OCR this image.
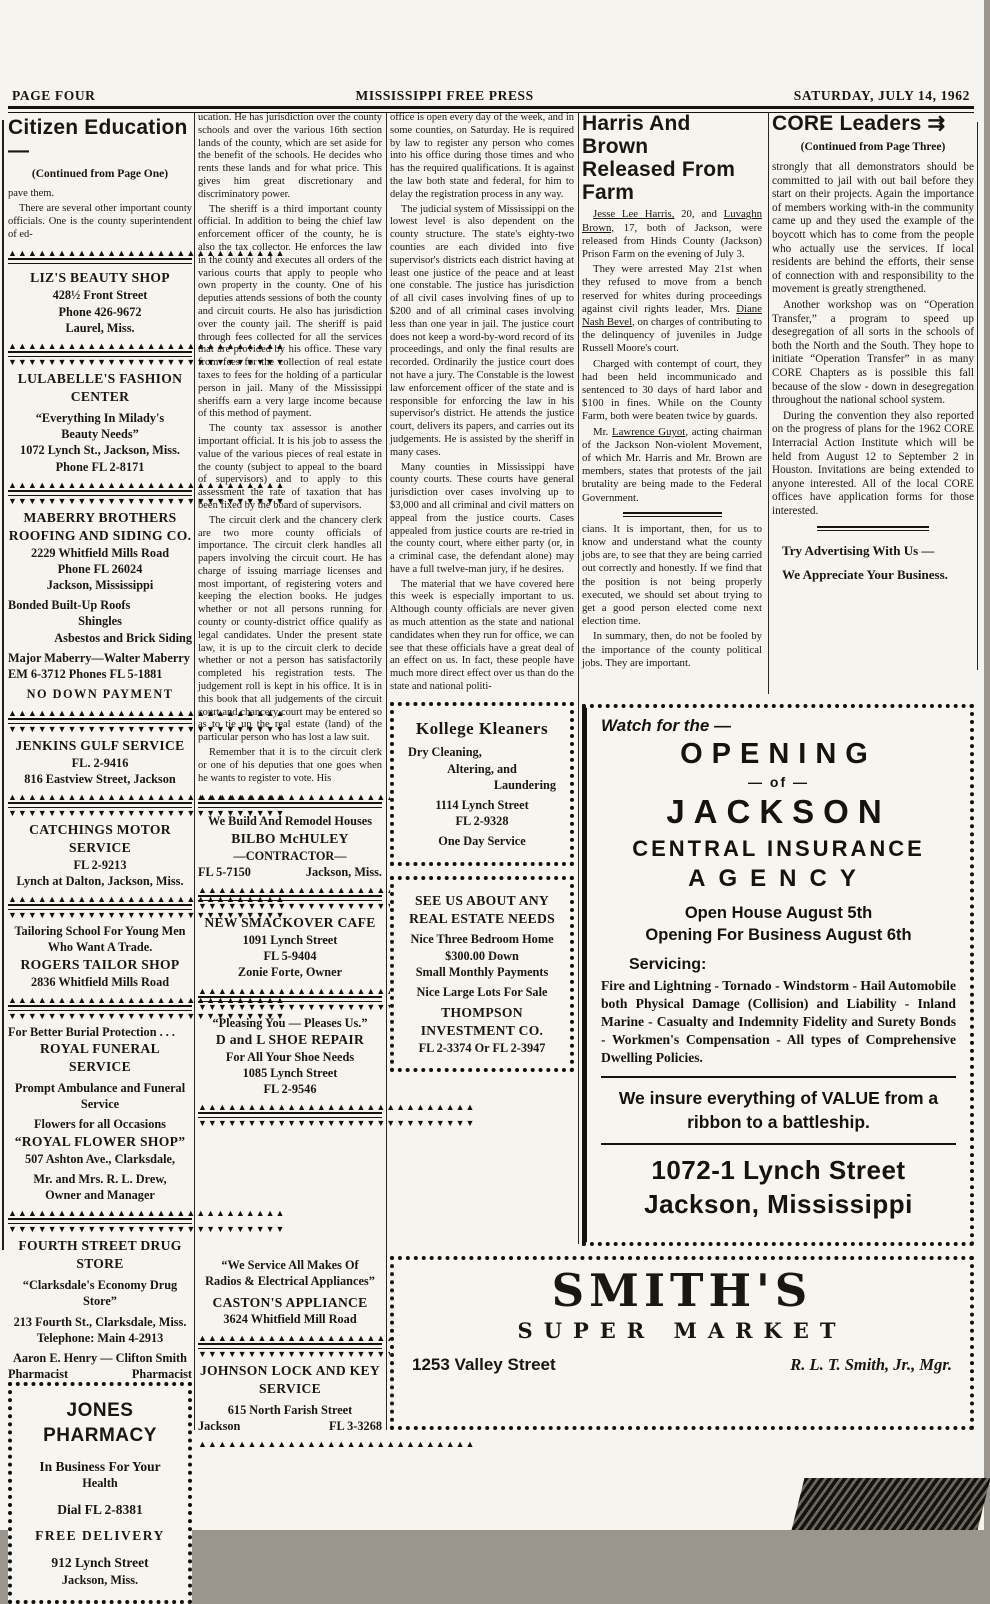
PAGE FOUR	MISSISSIPPI FREE PRESS	SATURDAY, JULY 14, 1962
Citizen Education —
(Continued from Page One)

pave them.

There are several other important county officials. One is the county superintendent of ed-

▲▲▲▲▲▲▲▲▲▲▲▲▲▲▲▲▲▲▲▲▲▲▲▲▲▲▲▲
LIZ'S BEAUTY SHOP
428½ Front Street
Phone 426-9672
Laurel, Miss.
▲▲▲▲▲▲▲▲▲▲▲▲▲▲▲▲▲▲▲▲▲▲▲▲▲▲▲▲
▼▼▼▼▼▼▼▼▼▼▼▼▼▼▼▼▼▼▼▼▼▼▼▼▼▼▼▼
LULABELLE'S FASHION
CENTER
“Everything In Milady's
Beauty Needs”
1072 Lynch St., Jackson, Miss.
Phone FL 2-8171
▲▲▲▲▲▲▲▲▲▲▲▲▲▲▲▲▲▲▲▲▲▲▲▲▲▲▲▲
▼▼▼▼▼▼▼▼▼▼▼▼▼▼▼▼▼▼▼▼▼▼▼▼▼▼▼▼
MABERRY BROTHERS
ROOFING AND SIDING CO.
2229 Whitfield Mills Road
Phone FL 26024
Jackson, Mississippi
Bonded Built-Up Roofs
Shingles
Asbestos and Brick Siding
Major Maberry—Walter Maberry
EM 6-3712 Phones FL 5-1881
NO DOWN PAYMENT
▲▲▲▲▲▲▲▲▲▲▲▲▲▲▲▲▲▲▲▲▲▲▲▲▲▲▲▲
▼▼▼▼▼▼▼▼▼▼▼▼▼▼▼▼▼▼▼▼▼▼▼▼▼▼▼▼
JENKINS GULF SERVICE
FL. 2-9416
816 Eastview Street, Jackson
▲▲▲▲▲▲▲▲▲▲▲▲▲▲▲▲▲▲▲▲▲▲▲▲▲▲▲▲
▼▼▼▼▼▼▼▼▼▼▼▼▼▼▼▼▼▼▼▼▼▼▼▼▼▼▼▼
CATCHINGS MOTOR SERVICE
FL 2-9213
Lynch at Dalton, Jackson, Miss.
▲▲▲▲▲▲▲▲▲▲▲▲▲▲▲▲▲▲▲▲▲▲▲▲▲▲▲▲
▼▼▼▼▼▼▼▼▼▼▼▼▼▼▼▼▼▼▼▼▼▼▼▼▼▼▼▼
Tailoring School For Young Men
Who Want A Trade.
ROGERS TAILOR SHOP
2836 Whitfield Mills Road
▲▲▲▲▲▲▲▲▲▲▲▲▲▲▲▲▲▲▲▲▲▲▲▲▲▲▲▲
▼▼▼▼▼▼▼▼▼▼▼▼▼▼▼▼▼▼▼▼▼▼▼▼▼▼▼▼
For Better Burial Protection . . .
ROYAL FUNERAL SERVICE
Prompt Ambulance and Funeral
Service
Flowers for all Occasions
“ROYAL FLOWER SHOP”
507 Ashton Ave., Clarksdale,
Mr. and Mrs. R. L. Drew,
Owner and Manager
▲▲▲▲▲▲▲▲▲▲▲▲▲▲▲▲▲▲▲▲▲▲▲▲▲▲▲▲
▼▼▼▼▼▼▼▼▼▼▼▼▼▼▼▼▼▼▼▼▼▼▼▼▼▼▼▼
FOURTH STREET DRUG
STORE
“Clarksdale's Economy Drug
Store”
213 Fourth St., Clarksdale, Miss.
Telephone: Main 4-2913
Aaron E. Henry — Clifton Smith
Pharmacist	Pharmacist
JONES PHARMACY
In Business For Your
Health
Dial FL 2-8381
FREE DELIVERY
912 Lynch Street
Jackson, Miss.

ucation. He has jurisdiction over the county schools and over the various 16th section lands of the county, which are set aside for the benefit of the schools. He decides who rents these lands and for what price. This gives him great discretionary and discriminatory power.

The sheriff is a third important county official. In addition to being the chief law enforcement officer of the county, he is also the tax collector. He enforces the law in the county and executes all orders of the various courts that apply to people who own property in the county. One of his deputies attends sessions of both the county and circuit courts. He also has jurisdiction over the county jail. The sheriff is paid through fees collected for all the services that are provided by his office. These vary from fees for the collection of real estate taxes to fees for the holding of a particular person in jail. Many of the Mississippi sheriffs earn a very large income because of this method of payment.

The county tax assessor is another important official. It is his job to assess the value of the various pieces of real estate in the county (subject to appeal to the board of supervisors) and to apply to this assessment the rate of taxation that has been fixed by the board of supervisors.

The circuit clerk and the chancery clerk are two more county officials of importance. The circuit clerk handles all papers involving the circuit court. He has charge of issuing marriage licenses and most important, of registering voters and keeping the election books. He judges whether or not all persons running for county or county-district office qualify as legal candidates. Under the present state law, it is up to the circuit clerk to decide whether or not a person has satisfactorily completed his registration tests. The judgement roll is kept in his office. It is in this book that all judgements of the circuit court and chancery court may be entered so as to tie up the real estate (land) of the particular person who has lost a law suit.

Remember that it is to the circuit clerk or one of his deputies that one goes when he wants to register to vote. His

▲▲▲▲▲▲▲▲▲▲▲▲▲▲▲▲▲▲▲▲▲▲▲▲▲▲▲▲
We Build And Remodel Houses
BILBO McHULEY
—CONTRACTOR—
FL 5-7150	Jackson, Miss.
▲▲▲▲▲▲▲▲▲▲▲▲▲▲▲▲▲▲▲▲▲▲▲▲▲▲▲▲
▼▼▼▼▼▼▼▼▼▼▼▼▼▼▼▼▼▼▼▼▼▼▼▼▼▼▼▼
NEW SMACKOVER CAFE
1091 Lynch Street
FL 5-9404
Zonie Forte, Owner
▲▲▲▲▲▲▲▲▲▲▲▲▲▲▲▲▲▲▲▲▲▲▲▲▲▲▲▲
▼▼▼▼▼▼▼▼▼▼▼▼▼▼▼▼▼▼▼▼▼▼▼▼▼▼▼▼
“Pleasing You — Pleases Us.”
D and L SHOE REPAIR
For All Your Shoe Needs
1085 Lynch Street
FL 2-9546
▲▲▲▲▲▲▲▲▲▲▲▲▲▲▲▲▲▲▲▲▲▲▲▲▲▲▲▲
▼▼▼▼▼▼▼▼▼▼▼▼▼▼▼▼▼▼▼▼▼▼▼▼▼▼▼▼
“We Service All Makes Of
Radios & Electrical Appliances”
CASTON'S APPLIANCE
3624 Whitfield Mill Road
▲▲▲▲▲▲▲▲▲▲▲▲▲▲▲▲▲▲▲▲▲▲▲▲▲▲▲▲
▼▼▼▼▼▼▼▼▼▼▼▼▼▼▼▼▼▼▼▼▼▼▼▼▼▼▼▼
JOHNSON LOCK AND KEY
SERVICE
615 North Farish Street
Jackson	FL 3-3268
▲▲▲▲▲▲▲▲▲▲▲▲▲▲▲▲▲▲▲▲▲▲▲▲▲▲▲▲

office is open every day of the week, and in some counties, on Saturday. He is required by law to register any person who comes into his office during those times and who has the required qualifications. It is against the law both state and federal, for him to delay the registration process in any way.

The judicial system of Mississippi on the lowest level is also dependent on the county structure. The state's eighty-two counties are each divided into five supervisor's districts each district having at least one justice of the peace and at least one constable. The justice has jurisdiction of all civil cases involving fines of up to $200 and of all criminal cases involving less than one year in jail. The justice court does not keep a word-by-word record of its proceedings, and only the final results are recorded. Ordinarily the justice court does not have a jury. The Constable is the lowest law enforcement officer of the state and is responsible for enforcing the law in his supervisor's district. He attends the justice court, delivers its papers, and carries out its judgements. He is assisted by the sheriff in many cases.

Many counties in Mississippi have county courts. These courts have general jurisdiction over cases involving up to $3,000 and all criminal and civil matters on appeal from the justice courts. Cases appealed from justice courts are re-tried in the county court, where either party (or, in a criminal case, the defendant alone) may have a full twelve-man jury, if he desires.

The material that we have covered here this week is especially important to us. Although county officials are never given as much attention as the state and national candidates when they run for office, we can see that these officials have a great deal of an effect on us. In fact, these people have much more direct effect over us than do the state and national politi-

Kollege Kleaners
Dry Cleaning,
Altering, and
Laundering
1114 Lynch Street
FL 2-9328
One Day Service
SEE US ABOUT ANY
REAL ESTATE NEEDS
Nice Three Bedroom Home
$300.00 Down
Small Monthly Payments
Nice Large Lots For Sale
THOMPSON
INVESTMENT CO.
FL 2-3374 Or FL 2-3947
Harris And Brown
Released From Farm

Jesse Lee Harris, 20, and Luvaghn Brown, 17, both of Jackson, were released from Hinds County (Jackson) Prison Farm on the evening of July 3.

They were arrested May 21st when they refused to move from a bench reserved for whites during proceedings against civil rights leader, Mrs. Diane Nash Bevel, on charges of contributing to the delinquency of juveniles in Judge Russell Moore's court.

Charged with contempt of court, they had been held incommunicado and sentenced to 30 days of hard labor and $100 in fines. While on the County Farm, both were beaten twice by guards.

Mr. Lawrence Guyot, acting chairman of the Jackson Non-violent Movement, of which Mr. Harris and Mr. Brown are members, states that protests of the jail brutality are being made to the Federal Government.

cians. It is important, then, for us to know and understand what the county jobs are, to see that they are being carried out correctly and honestly. If we find that the position is not being properly executed, we should set about trying to get a good person elected come next election time.

In summary, then, do not be fooled by the importance of the county political jobs. They are important.

CORE Leaders ⇉
(Continued from Page Three)

strongly that all demonstrators should be committed to jail with out bail before they start on their projects. Again the importance of members working with-in the community came up and they used the example of the boycott which has to come from the people who actually use the services. If local residents are behind the efforts, their sense of connection with and responsibility to the movement is greatly strengthened.

Another workshop was on “Operation Transfer,” a program to speed up desegregation of all sorts in the schools of both the North and the South. They hope to initiate “Operation Transfer” in as many CORE Chapters as is possible this fall because of the slow - down in desegregation throughout the national school system.

During the convention they also reported on the progress of plans for the 1962 CORE Interracial Action Institute which will be held from August 12 to September 2 in Houston. Invitations are being extended to anyone interested. All of the local CORE offices have application forms for those interested.

Try Advertising With Us —
We Appreciate Your Business.
Watch for the —
OPENING
— of —
JACKSON
CENTRAL INSURANCE
AGENCY
Open House August 5th
Opening For Business August 6th
Servicing:
Fire and Lightning - Tornado - Windstorm - Hail Automobile both Physical Damage (Collision) and Liability - Inland Marine - Casualty and Indemnity Fidelity and Surety Bonds - Workmen's Compensation - All types of Comprehensive Dwelling Policies.
We insure everything of VALUE from a
ribbon to a battleship.
1072-1 Lynch Street
Jackson, Mississippi
SMITH'S
SUPER MARKET
1253 Valley Street	R. L. T. Smith, Jr., Mgr.
